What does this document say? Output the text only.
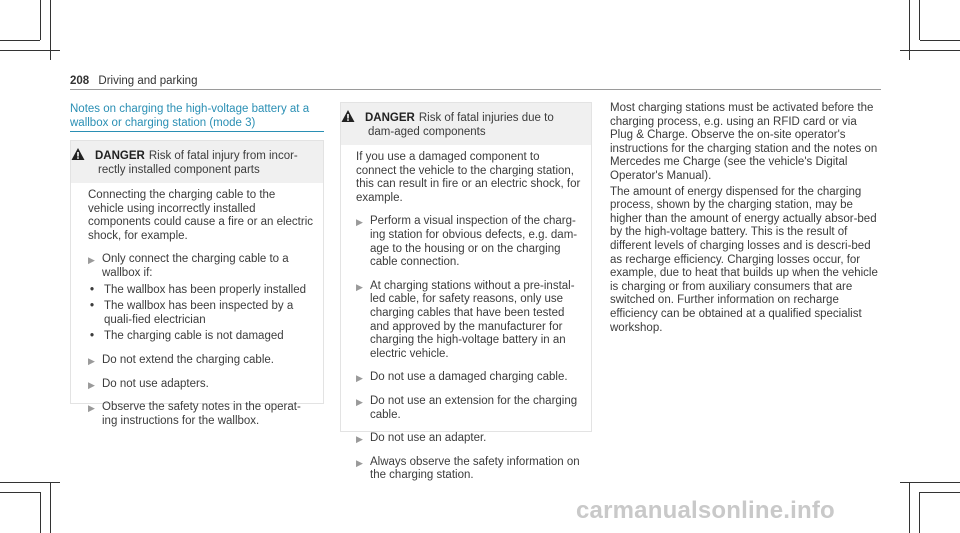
208 Driving and parking
Notes on charging the high-voltage battery at a wallbox or charging station (mode 3)
DANGER Risk of fatal injury from incor-rectly installed component parts

Connecting the charging cable to the vehicle using incorrectly installed components could cause a fire or an electric shock, for example.

▶ Only connect the charging cable to a wallbox if:
• The wallbox has been properly installed
• The wallbox has been inspected by a quali-fied electrician
• The charging cable is not damaged
▶ Do not extend the charging cable.
▶ Do not use adapters.
▶ Observe the safety notes in the operat-ing instructions for the wallbox.
DANGER Risk of fatal injuries due to dam-aged components

If you use a damaged component to connect the vehicle to the charging station, this can result in fire or an electric shock, for example.

▶ Perform a visual inspection of the charg-ing station for obvious defects, e.g. dam-age to the housing or on the charging cable connection.
▶ At charging stations without a pre-instal-led cable, for safety reasons, only use charging cables that have been tested and approved by the manufacturer for charging the high-voltage battery in an electric vehicle.
▶ Do not use a damaged charging cable.
▶ Do not use an extension for the charging cable.
▶ Do not use an adapter.
▶ Always observe the safety information on the charging station.

Most charging stations must be activated before the charging process, e.g. using an RFID card or via Plug & Charge. Observe the on-site operator's instructions for the charging station and the notes on Mercedes me Charge (see the vehicle's Digital Operator's Manual).

The amount of energy dispensed for the charging process, shown by the charging station, may be higher than the amount of energy actually absor-bed by the high-voltage battery. This is the result of different levels of charging losses and is descri-bed as recharge efficiency. Charging losses occur, for example, due to heat that builds up when the vehicle is charging or from auxiliary consumers that are switched on. Further information on recharge efficiency can be obtained at a qualified specialist workshop.

carmanualsonline.info
